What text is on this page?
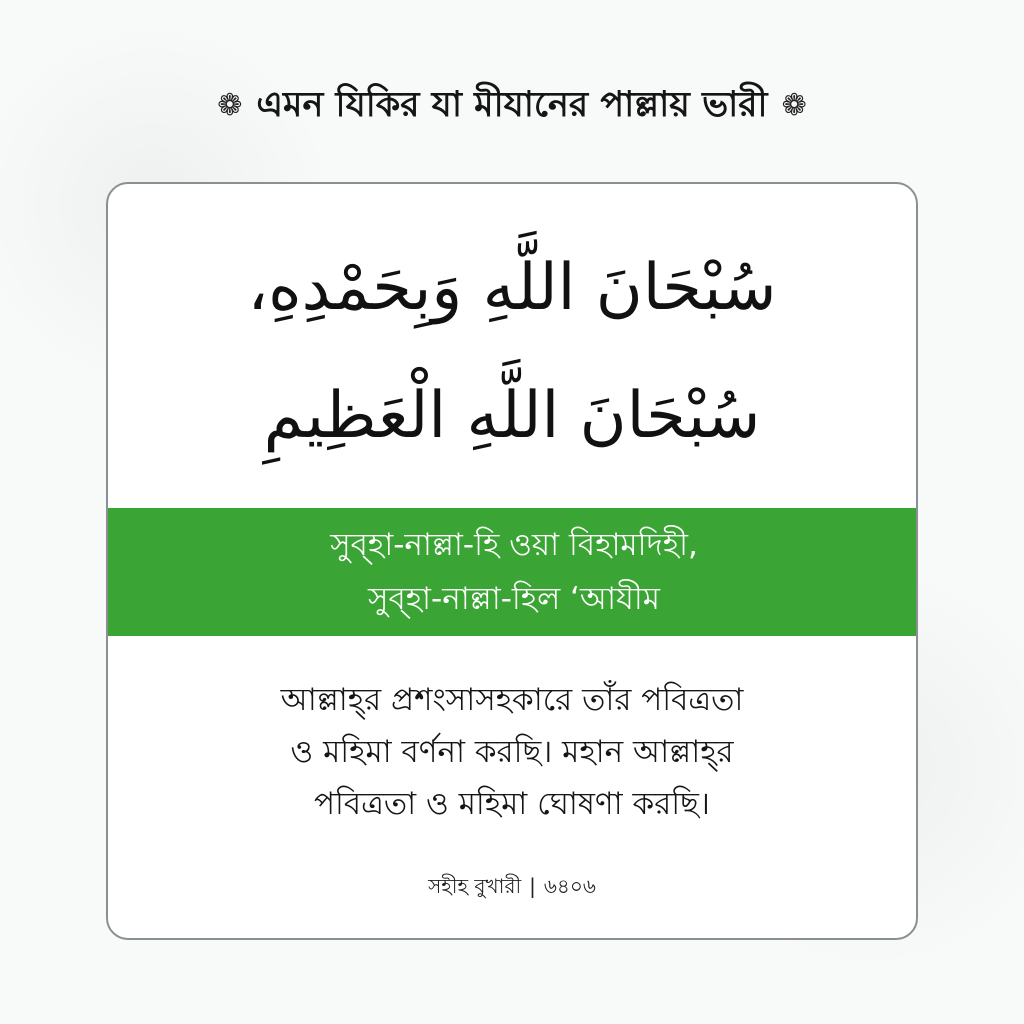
❁ এমন যিকির যা মীযানের পাল্লায় ভারী ❁
سُبْحَانَ اللَّهِ وَبِحَمْدِهِ،
سُبْحَانَ اللَّهِ الْعَظِيمِ
সুব্‌হা-নাল্লা-হি ওয়া বিহামদিহী,
সুব্‌হা-নাল্লা-হিল ‘আযীম
আল্লাহ্‌র প্রশংসাসহকারে তাঁর পবিত্রতা
ও মহিমা বর্ণনা করছি। মহান আল্লাহ্‌র
পবিত্রতা ও মহিমা ঘোষণা করছি।
সহীহ বুখারী | ৬৪০৬
